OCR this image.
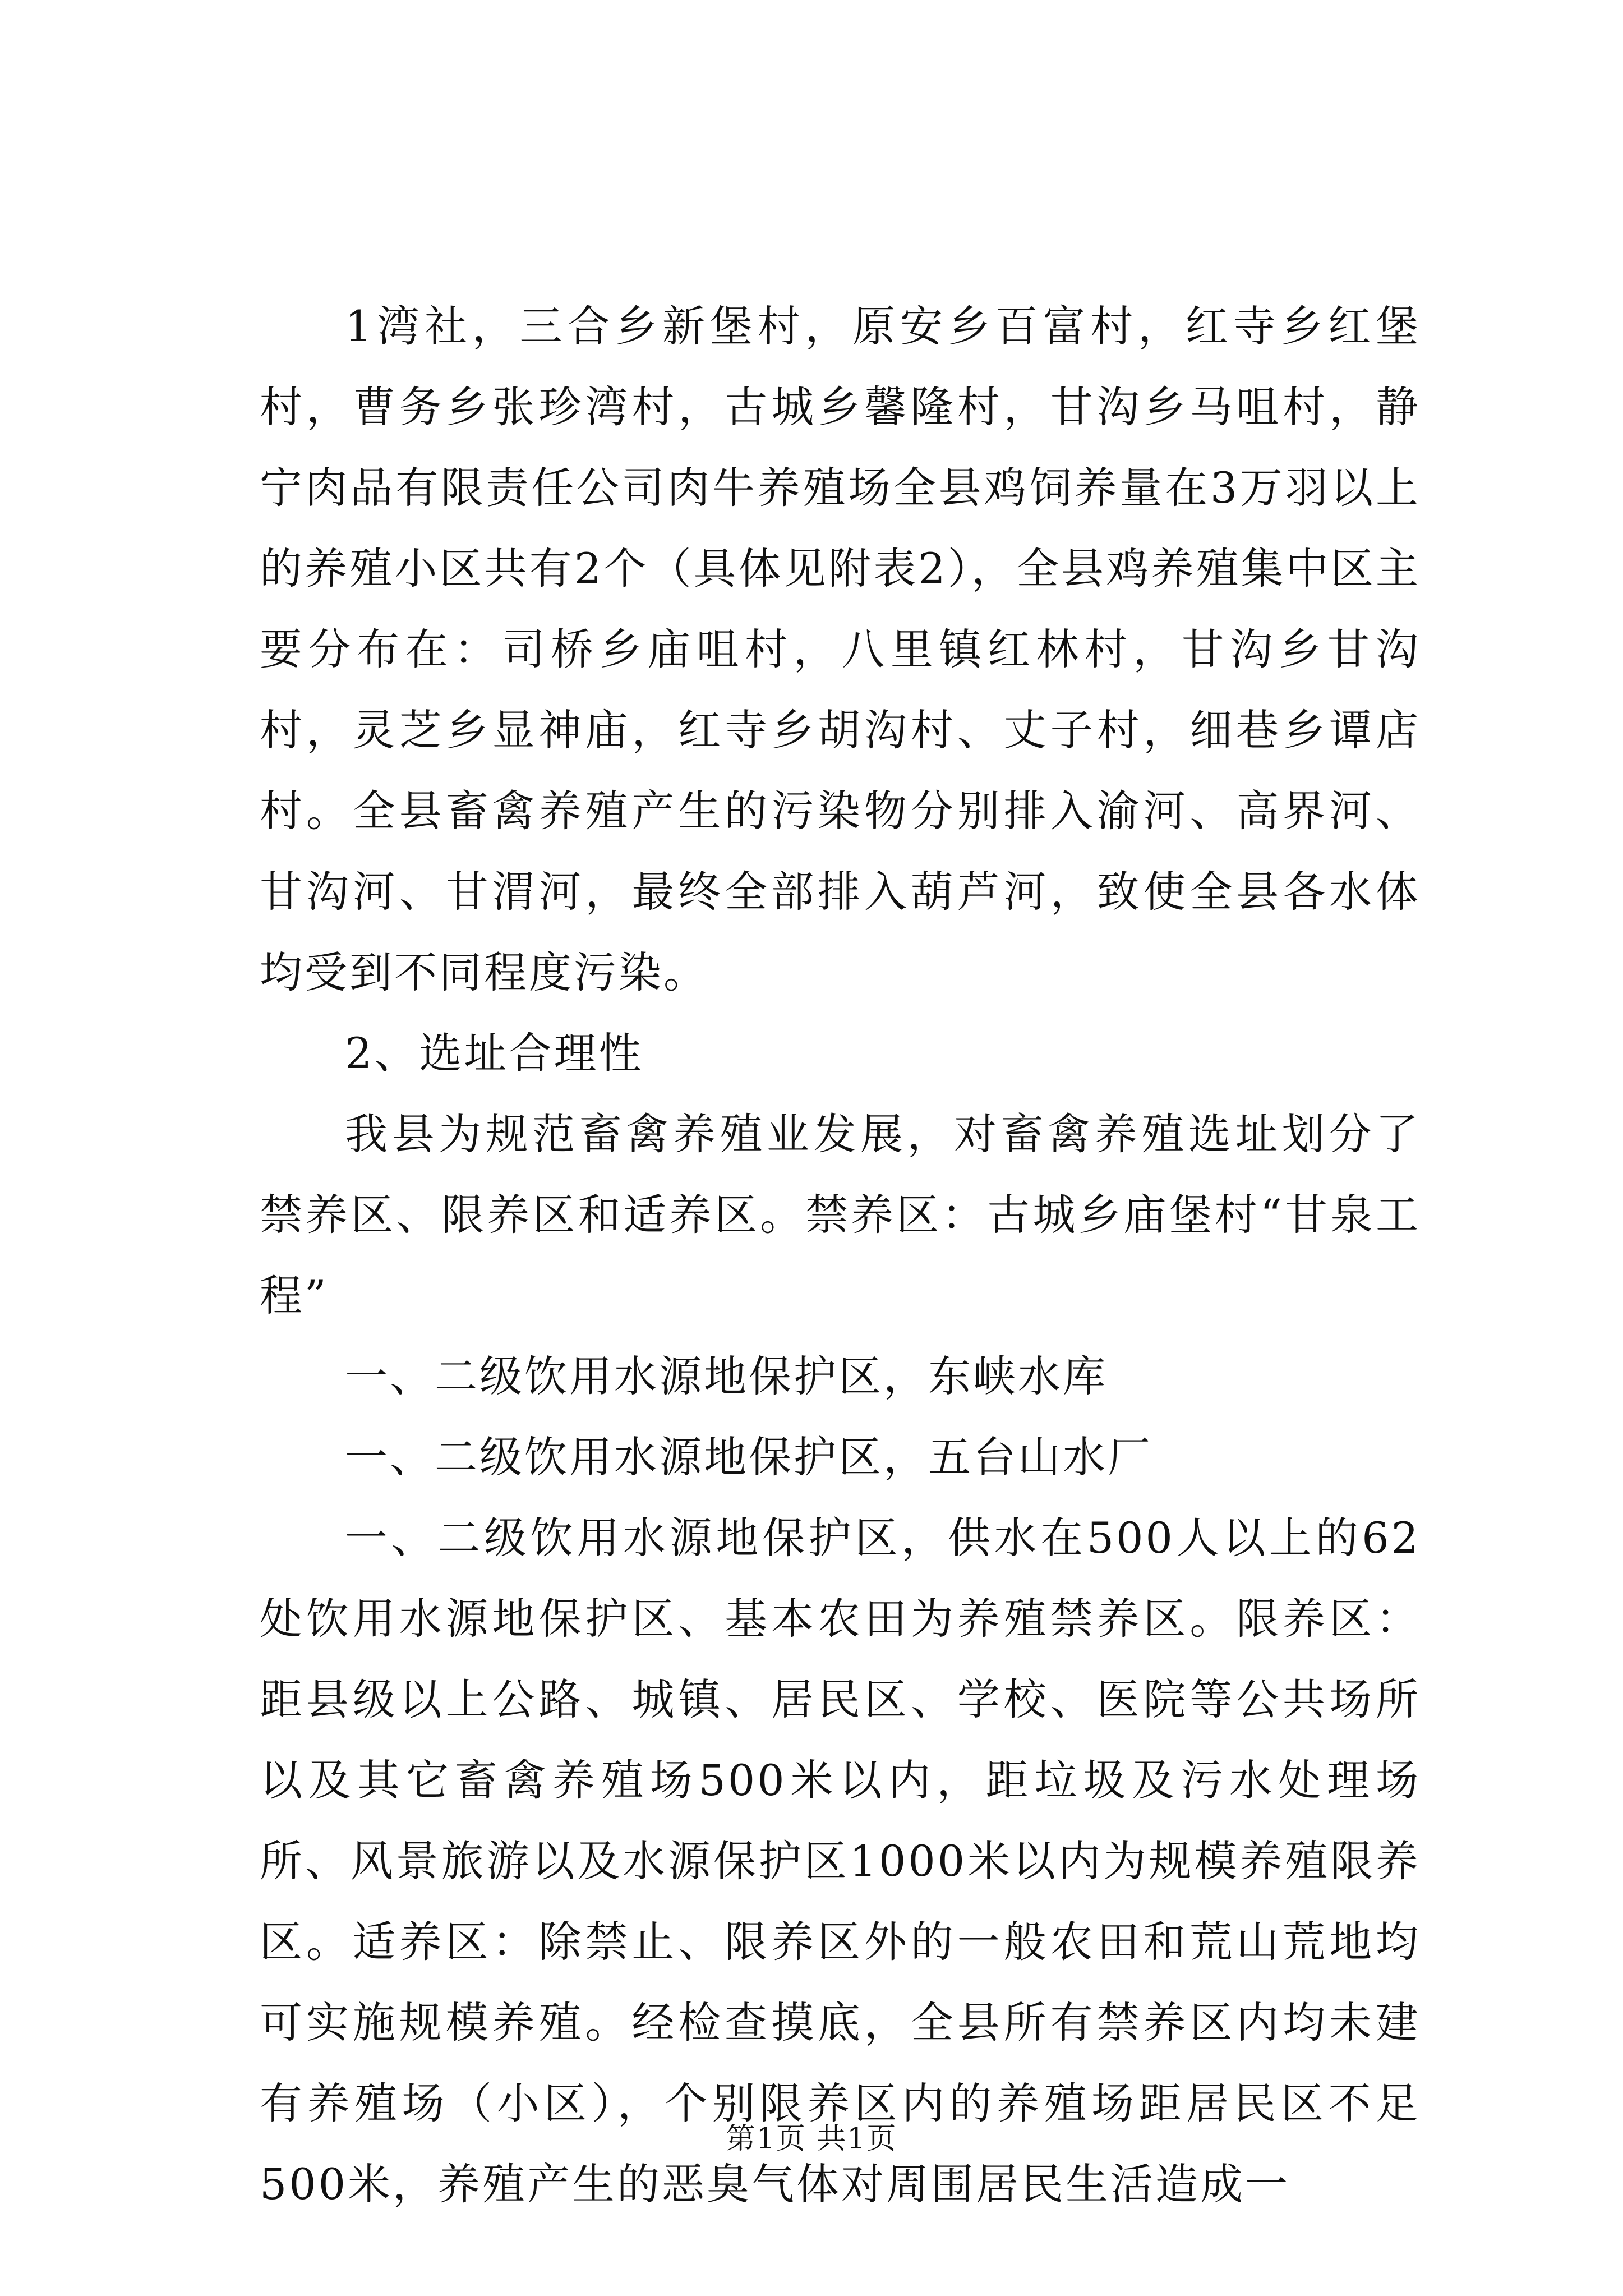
1湾社，三合乡新堡村，原安乡百富村，红寺乡红堡村，曹务乡张珍湾村，古城乡馨隆村，甘沟乡马咀村，静宁肉品有限责任公司肉牛养殖场全县鸡饲养量在3万羽以上的养殖小区共有2个（具体见附表2），全县鸡养殖集中区主要分布在：司桥乡庙咀村，八里镇红林村，甘沟乡甘沟村，灵芝乡显神庙，红寺乡胡沟村、丈子村，细巷乡谭店村。全县畜禽养殖产生的污染物分别排入渝河、高界河、甘沟河、甘渭河，最终全部排入葫芦河，致使全县各水体均受到不同程度污染。

2、选址合理性

我县为规范畜禽养殖业发展，对畜禽养殖选址划分了禁养区、限养区和适养区。禁养区：古城乡庙堡村“甘泉工程”

一、二级饮用水源地保护区，东峡水库

一、二级饮用水源地保护区，五台山水厂

一、二级饮用水源地保护区，供水在500人以上的62处饮用水源地保护区、基本农田为养殖禁养区。限养区：距县级以上公路、城镇、居民区、学校、医院等公共场所以及其它畜禽养殖场500米以内，距垃圾及污水处理场所、风景旅游以及水源保护区1000米以内为规模养殖限养区。适养区：除禁止、限养区外的一般农田和荒山荒地均可实施规模养殖。经检查摸底，全县所有禁养区内均未建有养殖场（小区），个别限养区内的养殖场距居民区不足500米，养殖产生的恶臭气体对周围居民生活造成一

第1页 共1页
